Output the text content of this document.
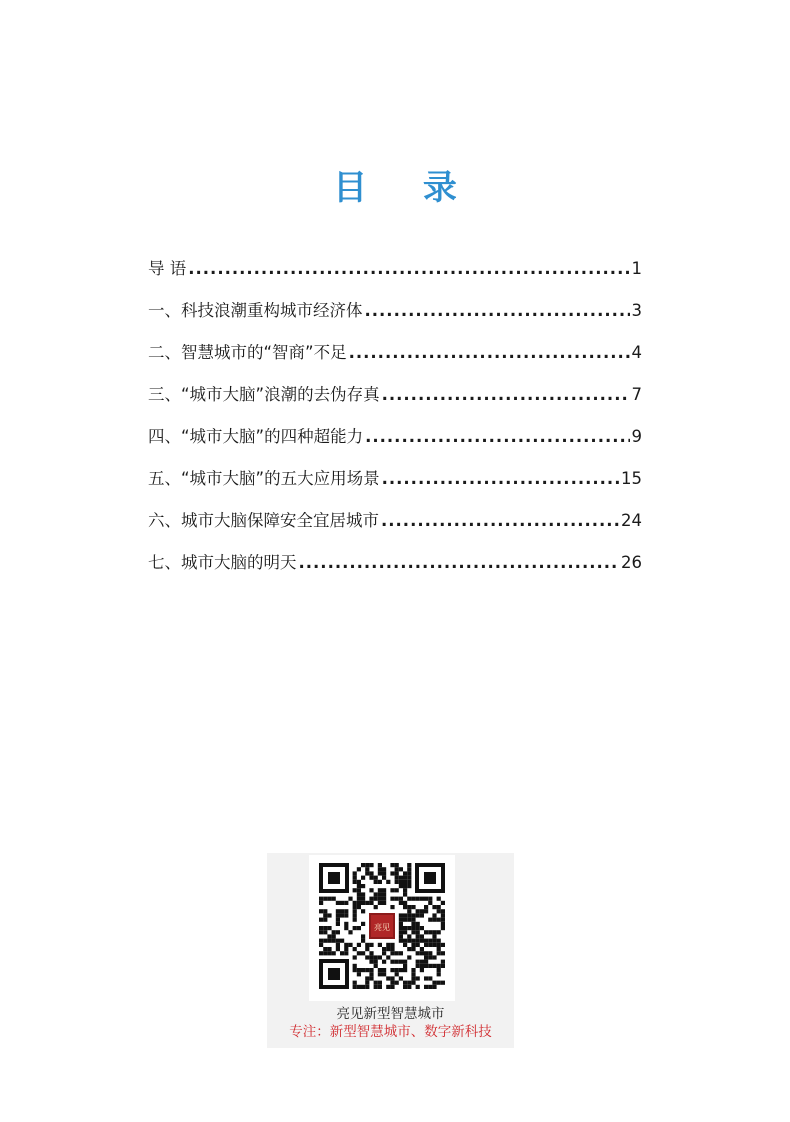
目 录
导 语 .....	1
一、科技浪潮重构城市经济体 .....	3
二、智慧城市的“智商”不足 .....	4
三、“城市大脑”浪潮的去伪存真 .....	7
四、“城市大脑”的四种超能力 .....	9
五、“城市大脑”的五大应用场景 .....	15
六、城市大脑保障安全宜居城市 .....	24
七、城市大脑的明天 .....	26
亮见
亮见新型智慧城市
专注：新型智慧城市、数字新科技
